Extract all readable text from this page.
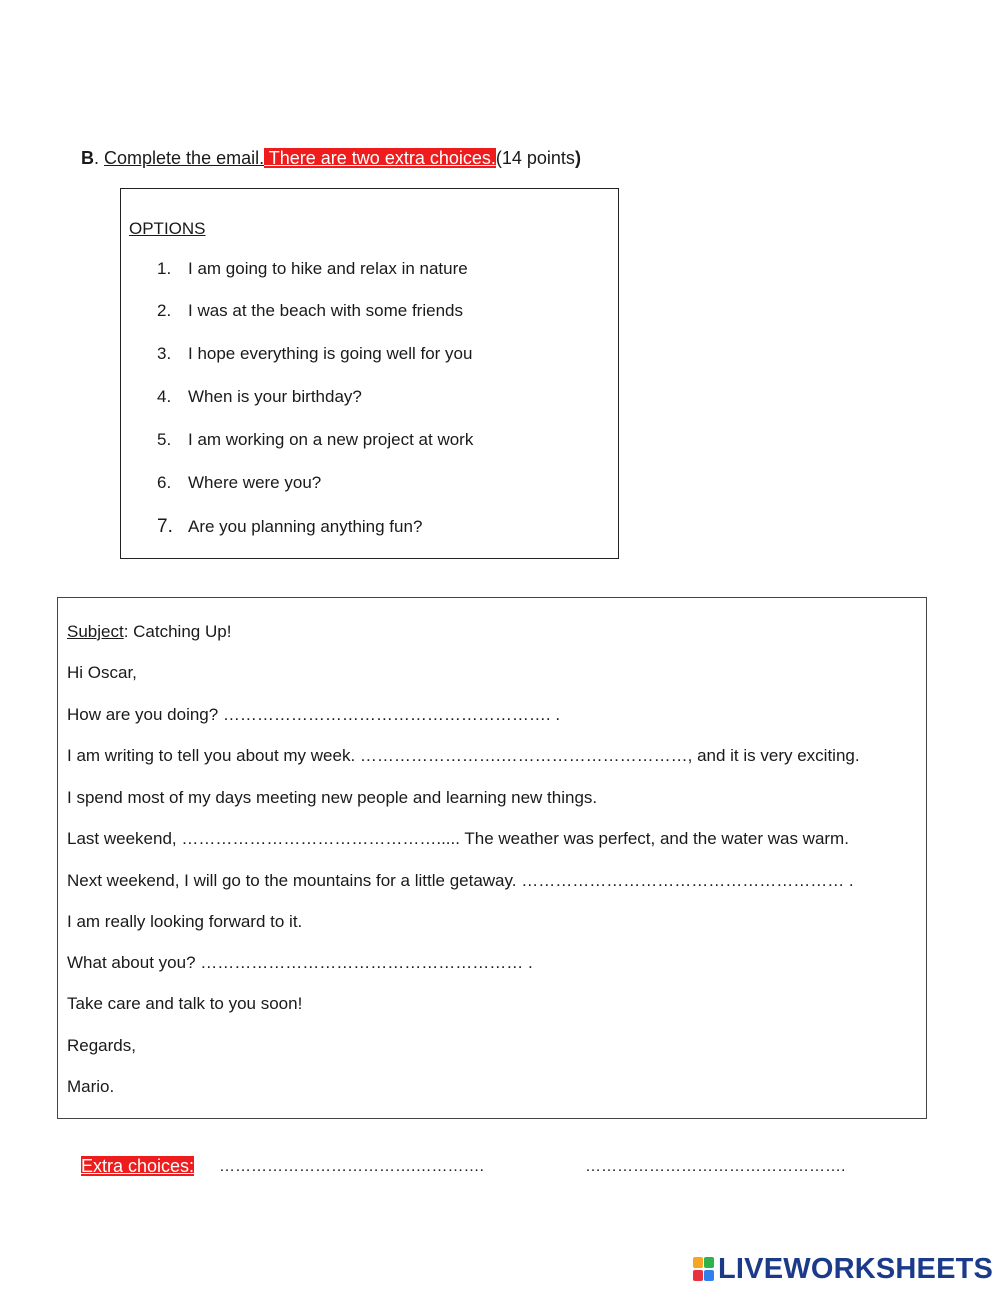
B. Complete the email. There are two extra choices.(14 points)
OPTIONS
1. I am going to hike and relax in nature
2. I was at the beach with some friends
3. I hope everything is going well for you
4. When is your birthday?
5. I am working on a new project at work
6. Where were you?
7. Are you planning anything fun?
Subject: Catching Up!
Hi Oscar,
How are you doing? …………………………………………………. .
I am writing to tell you about my week. …………………….……………………………, and it is very exciting.
I spend most of my days meeting new people and learning new things.
Last weekend, ………………………………………..... The weather was perfect, and the water was warm.
Next weekend, I will go to the mountains for a little getaway. ………………………………………………… .
I am really looking forward to it.
What about you? ………………………………………………… .
Take care and talk to you soon!
Regards,
Mario.
Extra choices: ……………………………….………….	………………………………………….
LIVEWORKSHEETS
